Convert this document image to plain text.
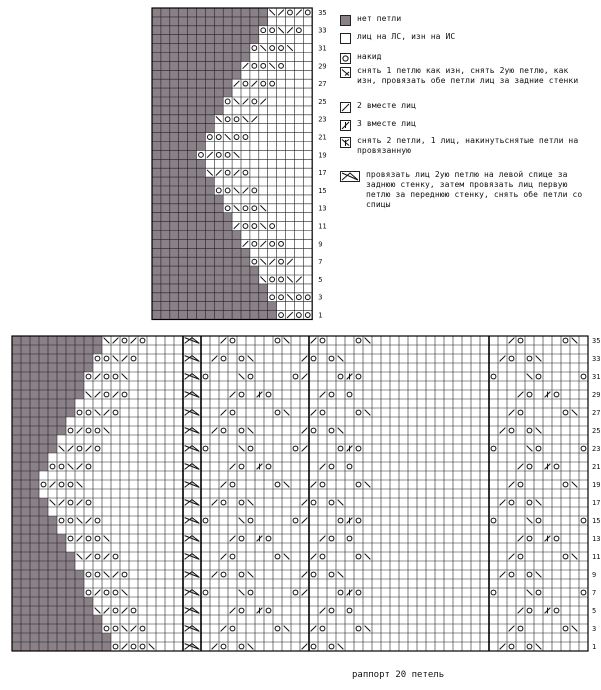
1
3
5
7
9
11
13
15
17
19
21
23
25
27
29
31
33
35
1
3
5
7
9
11
13
15
17
19
21
23
25
27
29
31
33
35
нет петли
лиц на ЛС, изн на ИС
накид
снять 1 петлю как изн, снять 2ую петлю, как изн, провязать обе петли лиц за задние стенки
2 вместе лиц
3 вместе лиц
снять 2 петли, 1 лиц, накинутьснятые петли на провязанную
провязать лиц 2ую петлю на левой спице за заднюю стенку, затем провязать лиц первую петлю за переднюю стенку, снять обе петли со спицы
раппорт 20 петель
